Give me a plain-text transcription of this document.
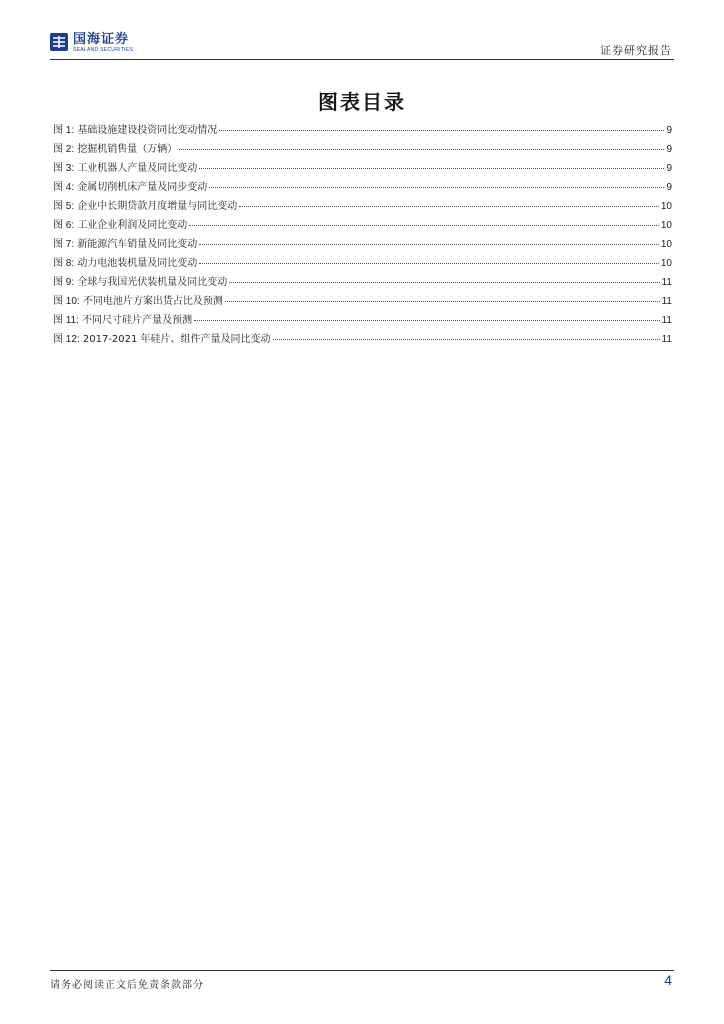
国海证券
SEALAND SECURITIES	证券研究报告
图表目录
图 1:
基础设施建设投资同比变动情况	9
图 2:
挖掘机销售量（万辆）	9
图 3:
工业机器人产量及同比变动	9
图 4:
金属切削机床产量及同步变动	9
图 5:
企业中长期贷款月度增量与同比变动	10
图 6:
工业企业利润及同比变动	10
图 7:
新能源汽车销量及同比变动	10
图 8:
动力电池装机量及同比变动	10
图 9:
全球与我国光伏装机量及同比变动	11
图 10:
不同电池片方案出货占比及预测	11
图 11:
不同尺寸硅片产量及预测	11
图 12:
2017-2021 年硅片、组件产量及同比变动	11
请务必阅读正文后免责条款部分	4
